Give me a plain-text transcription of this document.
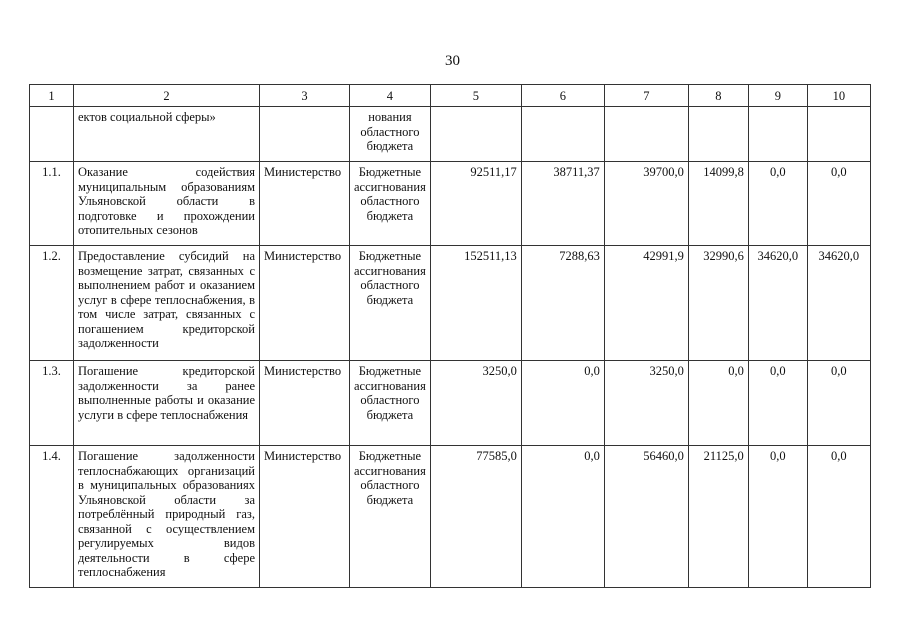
30
1	2	3	4	5	6	7	8	9	10
	ектов социальной сферы»		нования областного бюджета						
1.1.	Оказание содействия муниципальным образованиям Ульяновской области в подготовке и прохождении отопительных сезонов	Министерство	Бюджетные ассигнования областного бюджета	92511,17	38711,37	39700,0	14099,8	0,0	0,0
1.2.	Предоставление субсидий на возмещение затрат, связанных с выполнением работ и оказанием услуг в сфере теплоснабжения, в том числе затрат, связанных с погашением кредиторской задолженности	Министерство	Бюджетные ассигнования областного бюджета	152511,13	7288,63	42991,9	32990,6	34620,0	34620,0
1.3.	Погашение кредиторской задолженности за ранее выполненные работы и оказание услуги в сфере теплоснабжения	Министерство	Бюджетные ассигнования областного бюджета	3250,0	0,0	3250,0	0,0	0,0	0,0
1.4.	Погашение задолженности теплоснабжающих организаций в муниципальных образованиях Ульяновской области за потреблённый природный газ, связанной с осуществлением регулируемых видов деятельности в сфере теплоснабжения	Министерство	Бюджетные ассигнования областного бюджета	77585,0	0,0	56460,0	21125,0	0,0	0,0
